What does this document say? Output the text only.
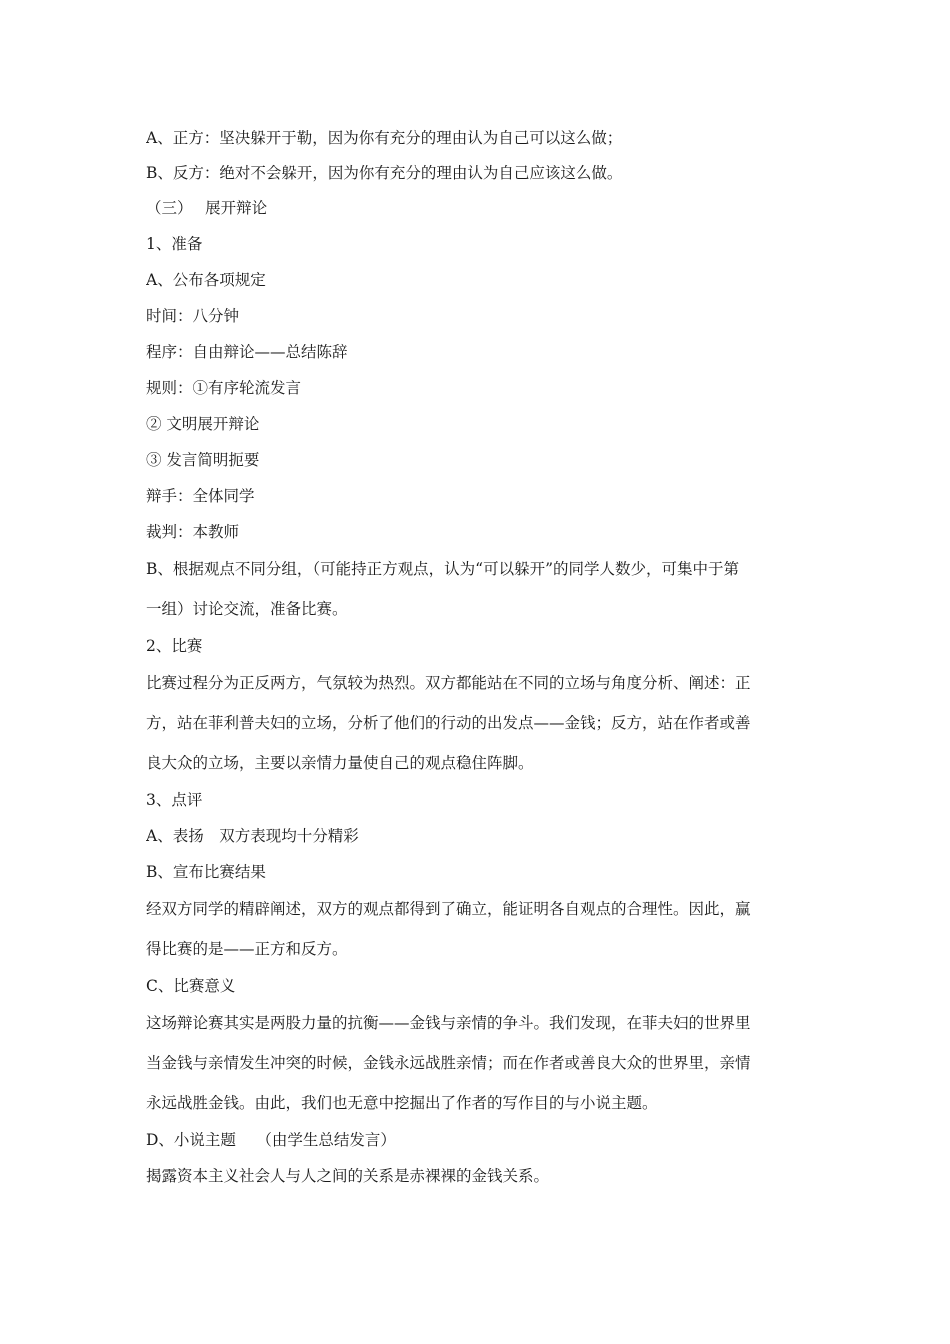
A、正方：坚决躲开于勒，因为你有充分的理由认为自己可以这么做；
B、反方：绝对不会躲开，因为你有充分的理由认为自己应该这么做。
（三）　 展开辩论
1、准备
A、公布各项规定
时间：八分钟
程序：自由辩论——总结陈辞
规则：①有序轮流发言
② 文明展开辩论
③ 发言简明扼要
辩手：全体同学
裁判：本教师
B、根据观点不同分组，（可能持正方观点，认为“可以躲开”的同学人数少，可集中于第
一组）讨论交流，准备比赛。
2、比赛
比赛过程分为正反两方，气氛较为热烈。双方都能站在不同的立场与角度分析、阐述：正
方，站在菲利普夫妇的立场，分析了他们的行动的出发点——金钱；反方，站在作者或善
良大众的立场，主要以亲情力量使自己的观点稳住阵脚。
3、点评
A、表扬　双方表现均十分精彩
B、宣布比赛结果
经双方同学的精辟阐述，双方的观点都得到了确立，能证明各自观点的合理性。因此，赢
得比赛的是——正方和反方。
C、比赛意义
这场辩论赛其实是两股力量的抗衡——金钱与亲情的争斗。我们发现，在菲夫妇的世界里
当金钱与亲情发生冲突的时候，金钱永远战胜亲情；而在作者或善良大众的世界里，亲情
永远战胜金钱。由此，我们也无意中挖掘出了作者的写作目的与小说主题。
D、小说主题　 （由学生总结发言）
揭露资本主义社会人与人之间的关系是赤裸裸的金钱关系。
